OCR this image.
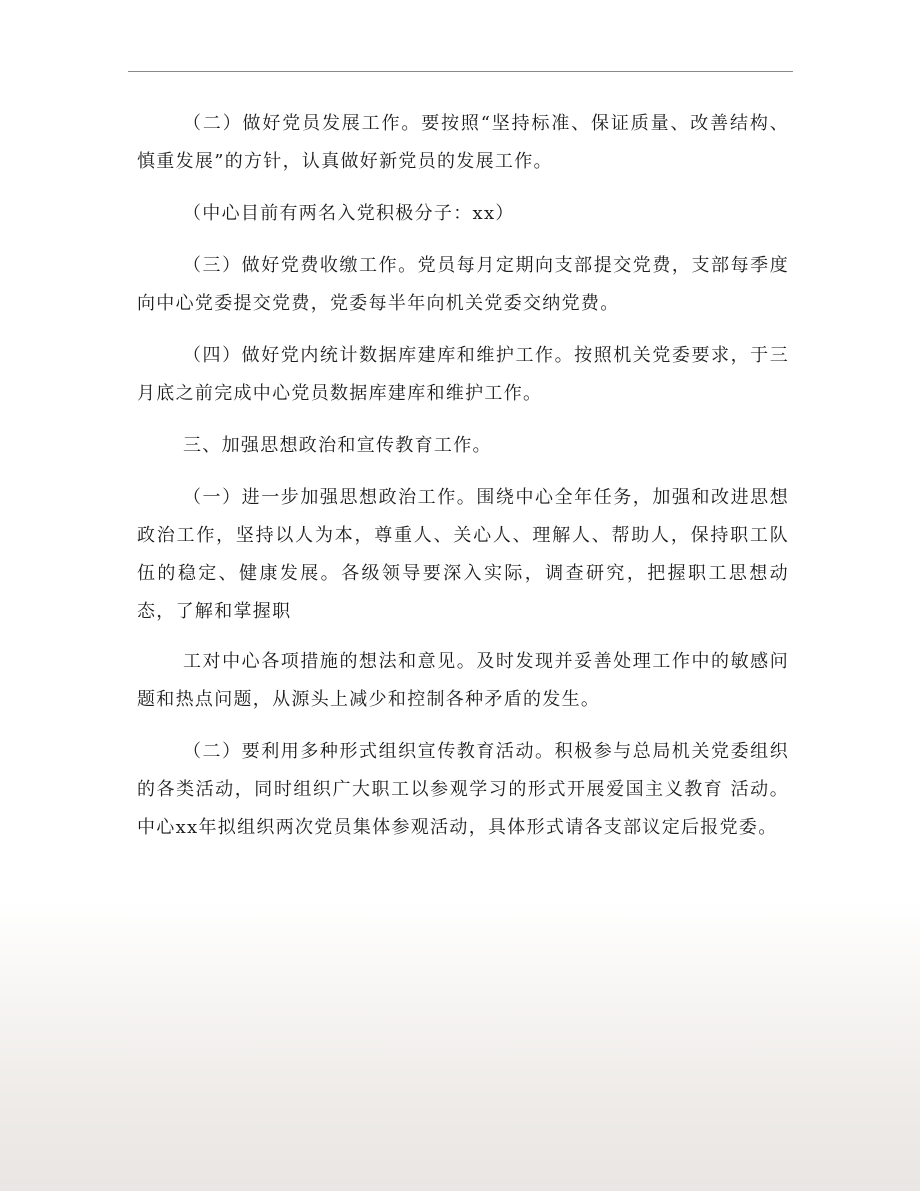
（二）做好党员发展工作。要按照“坚持标准、保证质量、改善结构、慎重发展”的方针，认真做好新党员的发展工作。

（中心目前有两名入党积极分子：xx）

（三）做好党费收缴工作。党员每月定期向支部提交党费，支部每季度向中心党委提交党费，党委每半年向机关党委交纳党费。

（四）做好党内统计数据库建库和维护工作。按照机关党委要求，于三月底之前完成中心党员数据库建库和维护工作。

三、加强思想政治和宣传教育工作。

（一）进一步加强思想政治工作。围绕中心全年任务，加强和改进思想政治工作，坚持以人为本，尊重人、关心人、理解人、帮助人，保持职工队伍的稳定、健康发展。各级领导要深入实际，调查研究，把握职工思想动态，了解和掌握职

工对中心各项措施的想法和意见。及时发现并妥善处理工作中的敏感问题和热点问题，从源头上减少和控制各种矛盾的发生。

（二）要利用多种形式组织宣传教育活动。积极参与总局机关党委组织的各类活动，同时组织广大职工以参观学习的形式开展爱国主义教育 活动。中心xx年拟组织两次党员集体参观活动，具体形式请各支部议定后报党委。
